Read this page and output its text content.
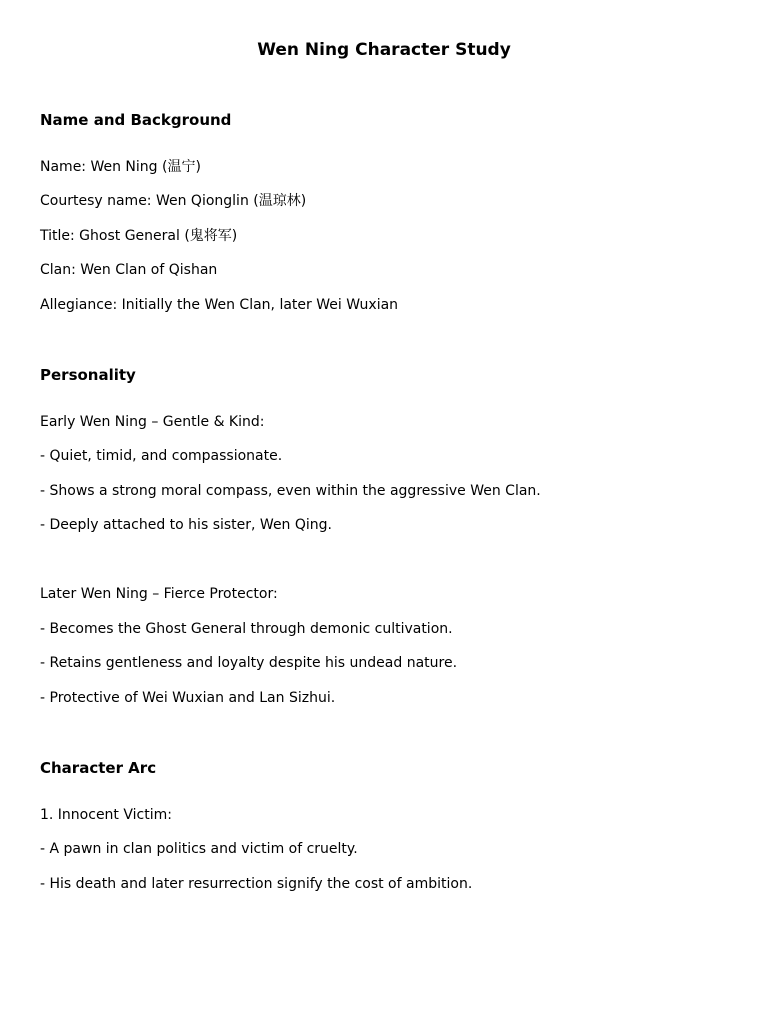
Wen Ning Character Study
Name and Background

Name: Wen Ning (温宁)

Courtesy name: Wen Qionglin (温琼林)

Title: Ghost General (鬼将军)

Clan: Wen Clan of Qishan

Allegiance: Initially the Wen Clan, later Wei Wuxian

Personality

Early Wen Ning – Gentle & Kind:

- Quiet, timid, and compassionate.

- Shows a strong moral compass, even within the aggressive Wen Clan.

- Deeply attached to his sister, Wen Qing.

Later Wen Ning – Fierce Protector:

- Becomes the Ghost General through demonic cultivation.

- Retains gentleness and loyalty despite his undead nature.

- Protective of Wei Wuxian and Lan Sizhui.

Character Arc

1. Innocent Victim:

- A pawn in clan politics and victim of cruelty.

- His death and later resurrection signify the cost of ambition.
